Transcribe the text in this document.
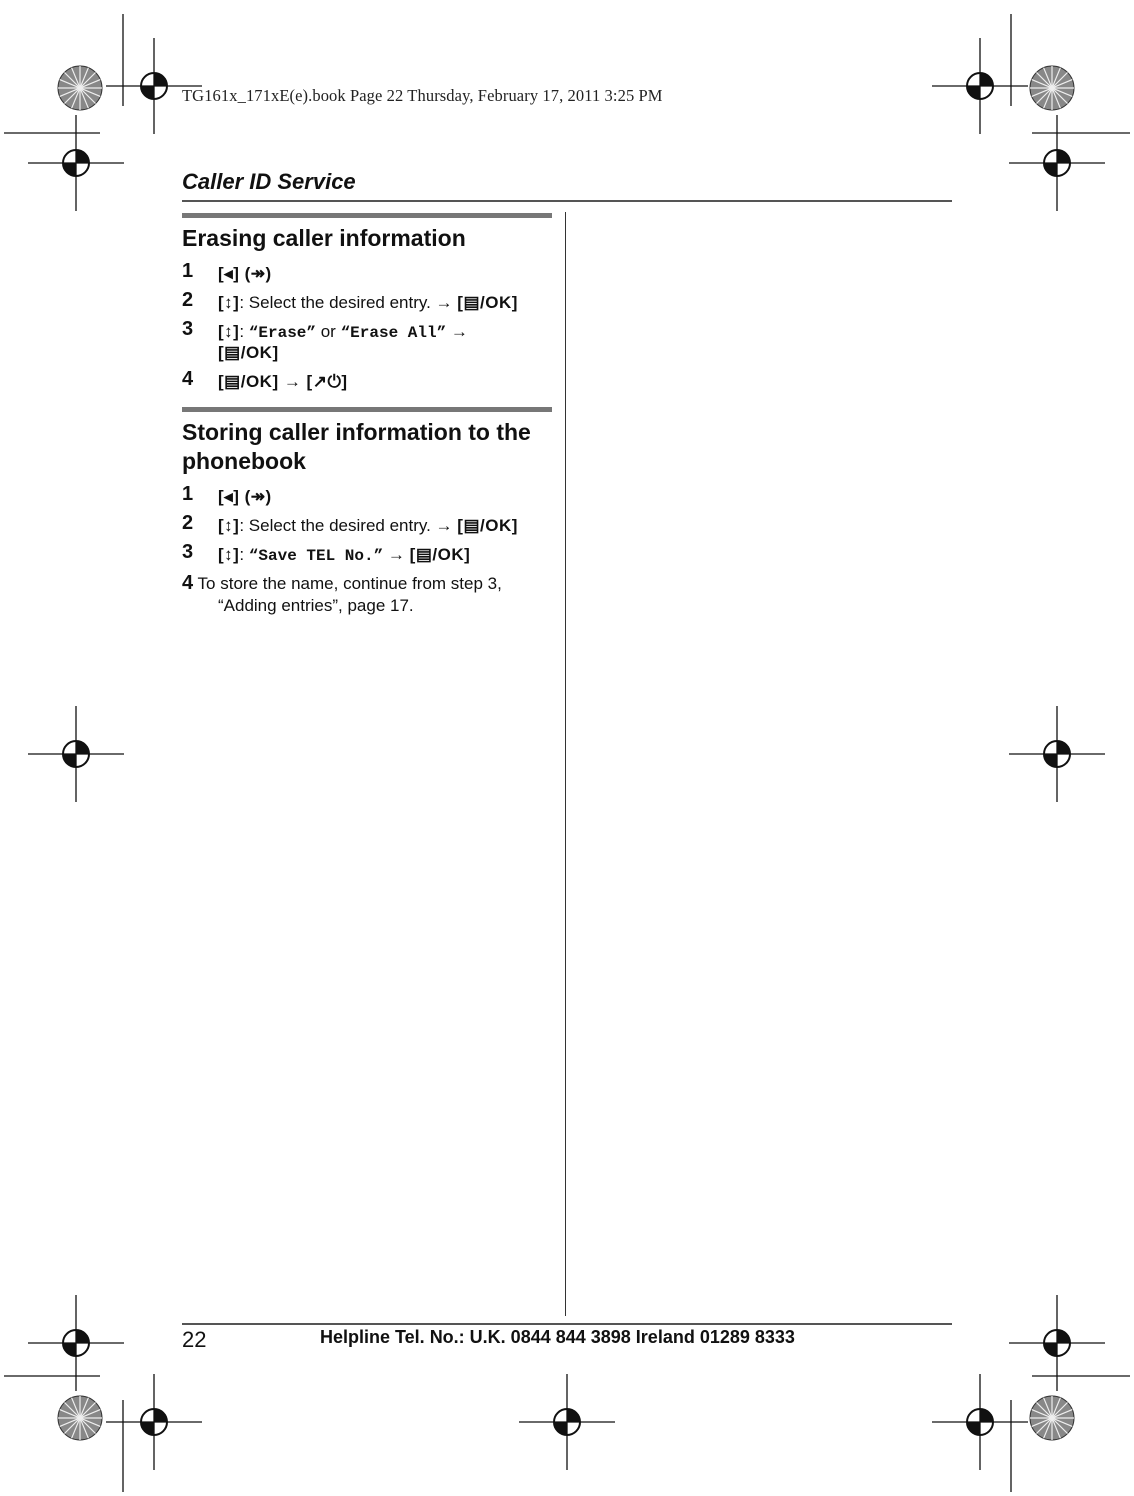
TG161x_171xE(e).book Page 22 Thursday, February 17, 2011 3:25 PM
Caller ID Service
Erasing caller information
1	[◂] (↠)
2	[↕]: Select the desired entry. → [▤/OK]
3	[↕]: “Erase” or “Erase All” →
[▤/OK]
4	[▤/OK] → [↗⏻]
Storing caller information to the phonebook
1	[◂] (↠)
2	[↕]: Select the desired entry. → [▤/OK]
3	[↕]: “Save TEL No.” → [▤/OK]
4 To store the name, continue from step 3,
“Adding entries”, page 17.
22	Helpline Tel. No.: U.K. 0844 844 3898 Ireland 01289 8333
